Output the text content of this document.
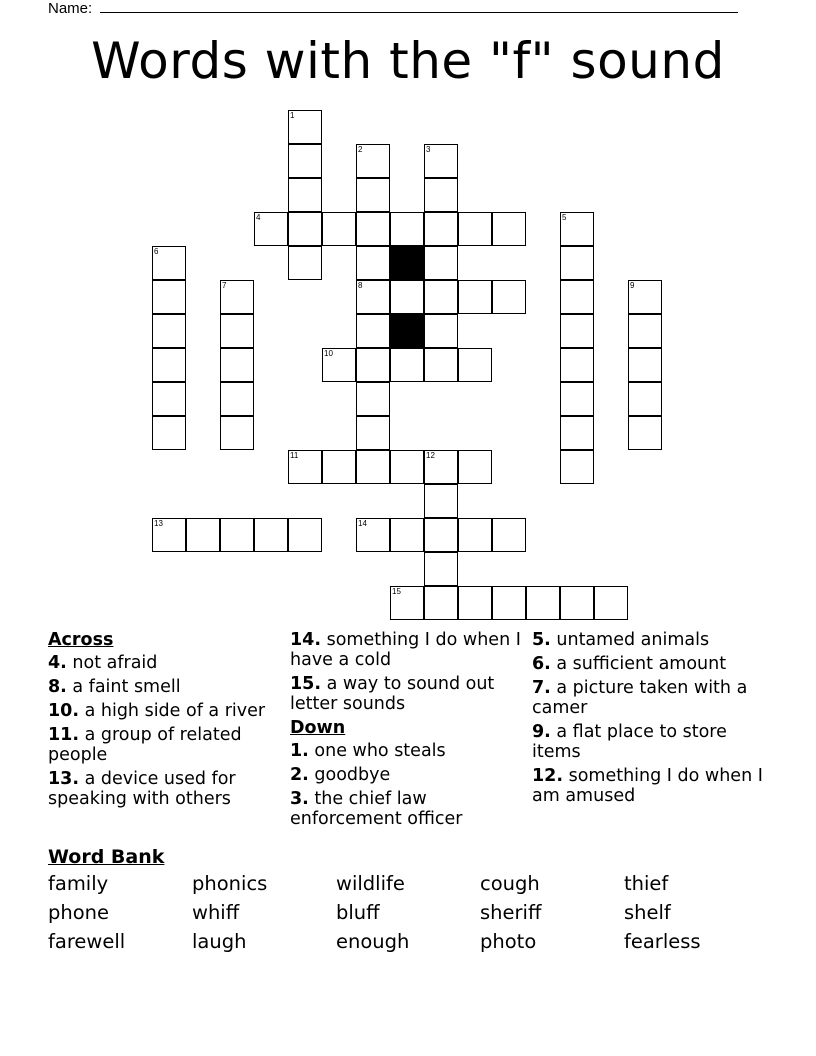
Name:
Words with the "f" sound
1
2
8
3
4	5
6
7	9
10
11	12
13	14
15
Across
4. not afraid
8. a faint smell
10. a high side of a river
11. a group of related people
13. a device used for speaking with others
14. something I do when I have a cold
15. a way to sound out letter sounds
Down
1. one who steals
2. goodbye
3. the chief law enforcement officer
5. untamed animals
6. a sufficient amount
7. a picture taken with a camer
9. a flat place to store items
12. something I do when I am amused
Word Bank
family	phonics	wildlife	cough	thief
phone	whiff	bluff	sheriff	shelf
farewell	laugh	enough	photo	fearless
